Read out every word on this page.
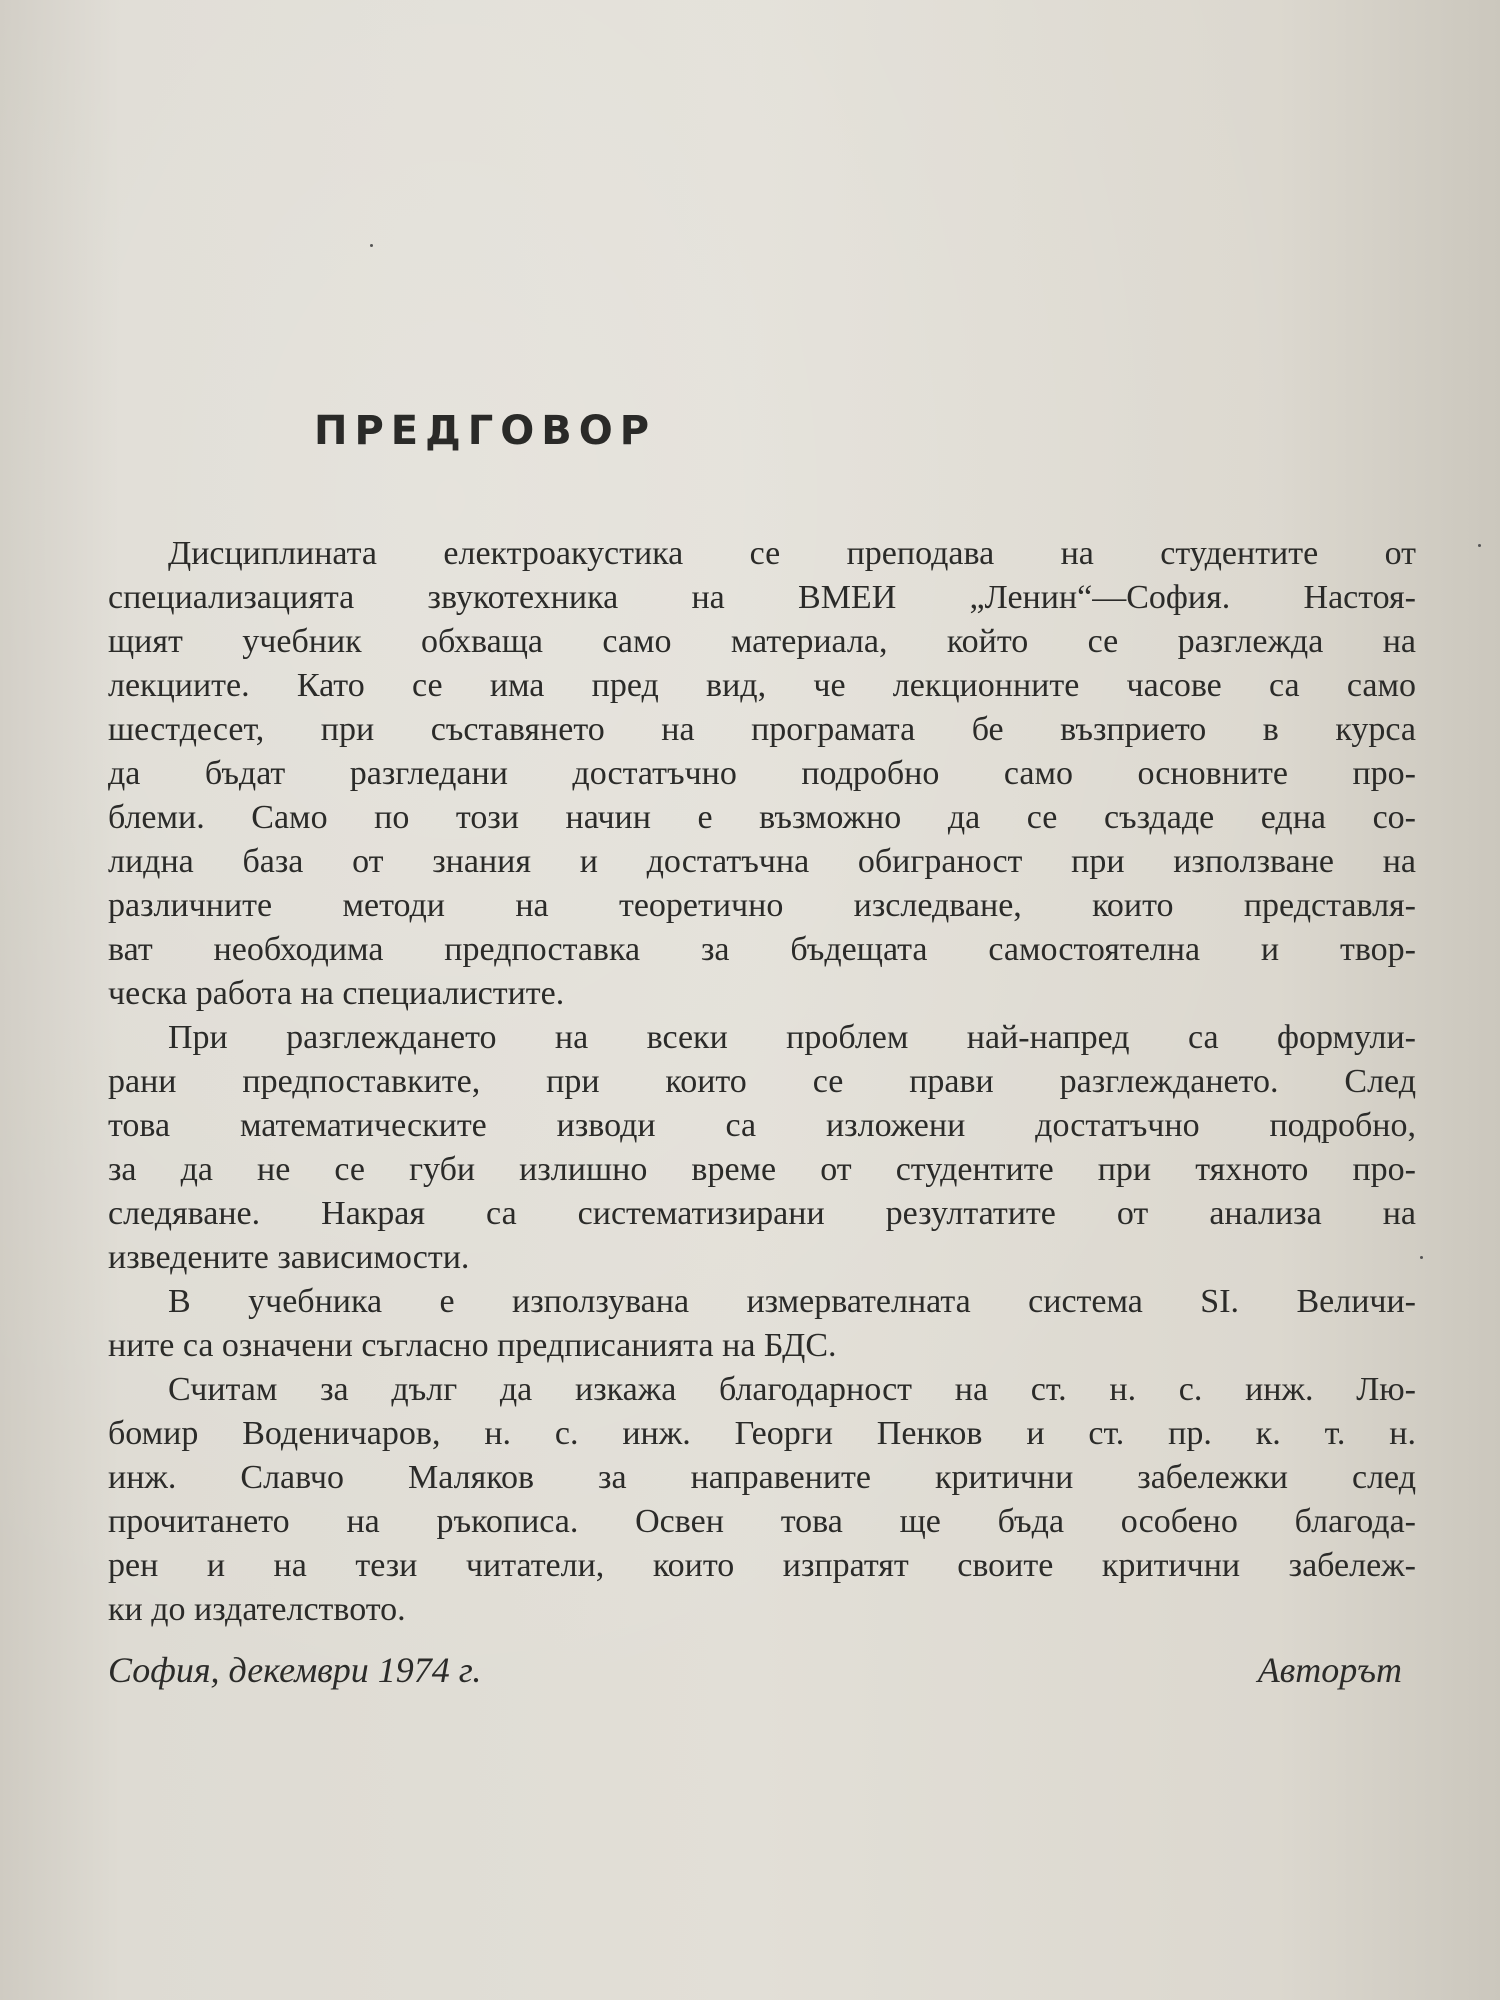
ПРЕДГОВОР
Дисциплината електроакустика се преподава на студентите от
специализацията звукотехника на ВМЕИ „Ленин“—София. Настоя-
щият учебник обхваща само материала, който се разглежда на
лекциите. Като се има пред вид, че лекционните часове са само
шестдесет, при съставянето на програмата бе възприето в курса
да бъдат разгледани достатъчно подробно само основните про-
блеми. Само по този начин е възможно да се създаде една со-
лидна база от знания и достатъчна обиграност при използване на
различните методи на теоретично изследване, които представля-
ват необходима предпоставка за бъдещата самостоятелна и твор-
ческа работа на специалистите.
При разглеждането на всеки проблем най-напред са формули-
рани предпоставките, при които се прави разглеждането. След
това математическите изводи са изложени достатъчно подробно,
за да не се губи излишно време от студентите при тяхното про-
следяване. Накрая са систематизирани резултатите от анализа на
изведените зависимости.
В учебника е използувана измервателната система SI. Величи-
ните са означени съгласно предписанията на БДС.
Считам за дълг да изкажа благодарност на ст. н. с. инж. Лю-
бомир Воденичаров, н. с. инж. Георги Пенков и ст. пр. к. т. н.
инж. Славчо Маляков за направените критични забележки след
прочитането на ръкописа. Освен това ще бъда особено благода-
рен и на тези читатели, които изпратят своите критични забележ-
ки до издателството.
София, декември 1974 г.	Авторът
